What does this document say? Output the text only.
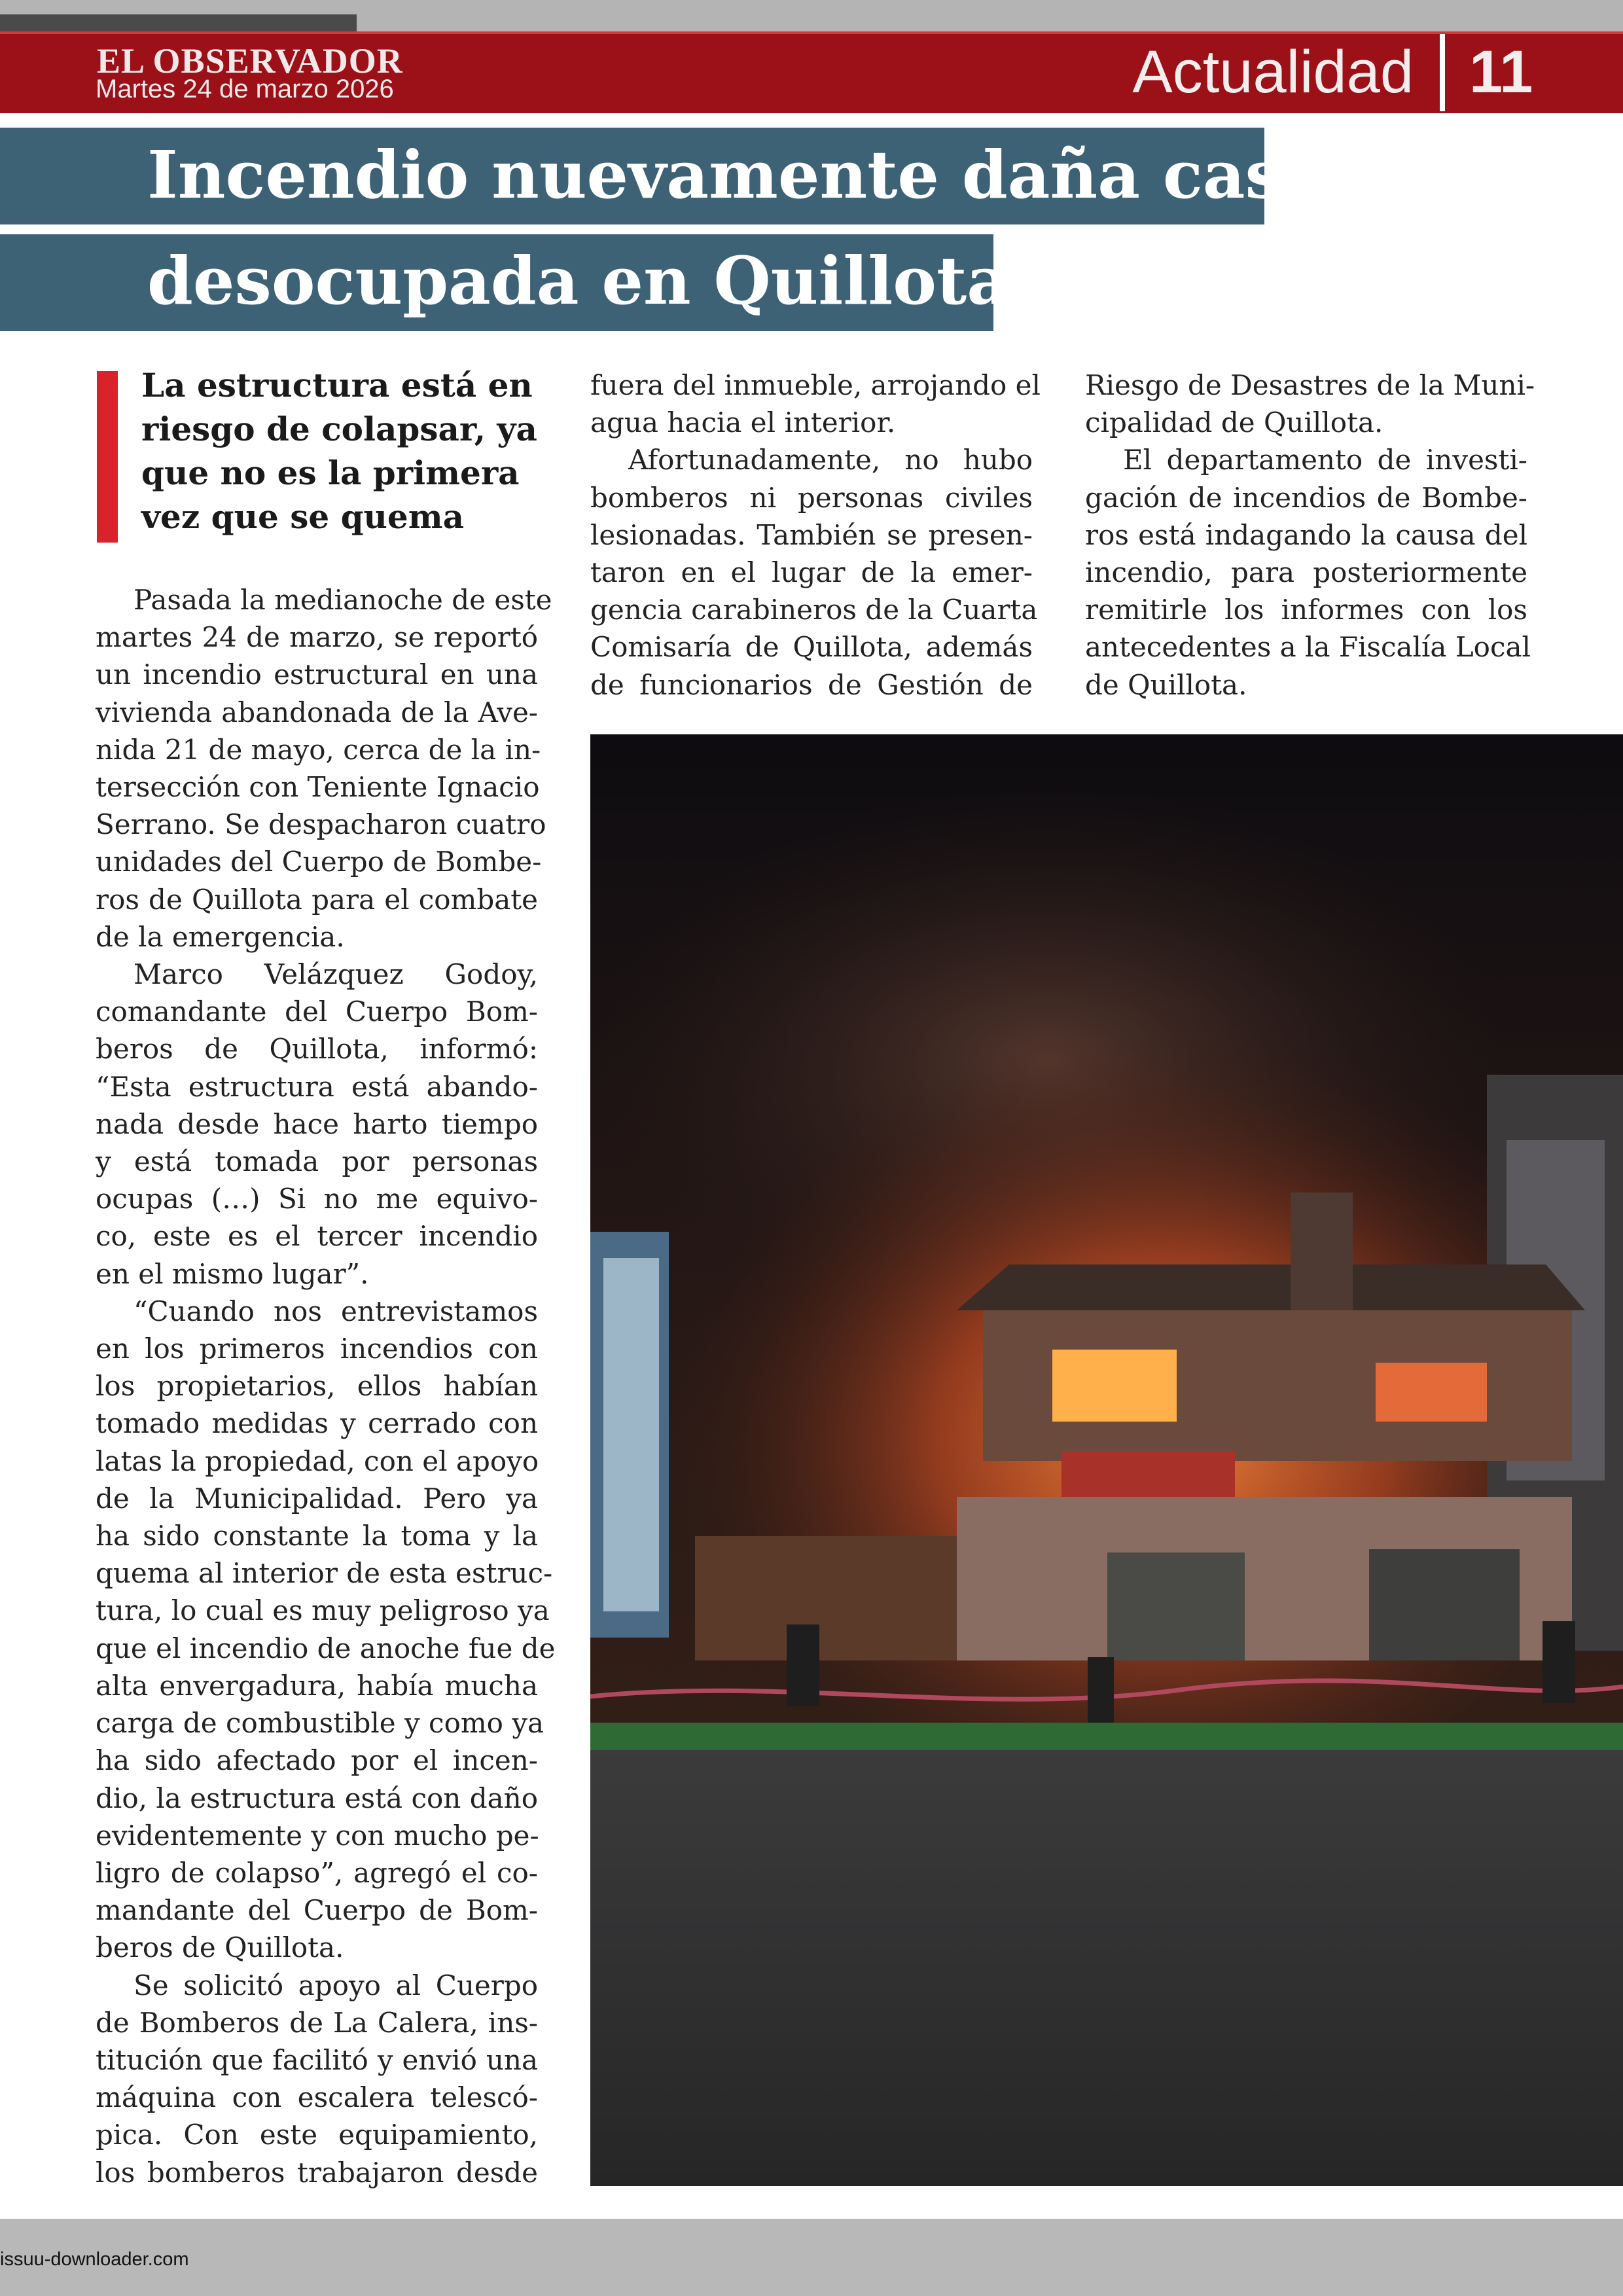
EL OBSERVADOR
Martes 24 de marzo 2026	Actualidad 11
Incendio nuevamente daña casa
desocupada en Quillota
La estructura está en
riesgo de colapsar, ya
que no es la primera
vez que se quema
Pasada la medianoche de este
martes 24 de marzo, se reportó
un incendio estructural en una
vivienda abandonada de la Ave-
nida 21 de mayo, cerca de la in-
tersección con Teniente Ignacio
Serrano. Se despacharon cuatro
unidades del Cuerpo de Bombe-
ros de Quillota para el combate
de la emergencia.
Marco Velázquez Godoy,
comandante del Cuerpo Bom-
beros de Quillota, informó:
“Esta estructura está abando-
nada desde hace harto tiempo
y está tomada por personas
ocupas (…) Si no me equivo-
co, este es el tercer incendio
en el mismo lugar”.
“Cuando nos entrevistamos
en los primeros incendios con
los propietarios, ellos habían
tomado medidas y cerrado con
latas la propiedad, con el apoyo
de la Municipalidad. Pero ya
ha sido constante la toma y la
quema al interior de esta estruc-
tura, lo cual es muy peligroso ya
que el incendio de anoche fue de
alta envergadura, había mucha
carga de combustible y como ya
ha sido afectado por el incen-
dio, la estructura está con daño
evidentemente y con mucho pe-
ligro de colapso”, agregó el co-
mandante del Cuerpo de Bom-
beros de Quillota.
Se solicitó apoyo al Cuerpo
de Bomberos de La Calera, ins-
titución que facilitó y envió una
máquina con escalera telescó-
pica. Con este equipamiento,
los bomberos trabajaron desde
fuera del inmueble, arrojando el
agua hacia el interior.
Afortunadamente, no hubo
bomberos ni personas civiles
lesionadas. También se presen-
taron en el lugar de la emer-
gencia carabineros de la Cuarta
Comisaría de Quillota, además
de funcionarios de Gestión de
Riesgo de Desastres de la Muni-
cipalidad de Quillota.
El departamento de investi-
gación de incendios de Bombe-
ros está indagando la causa del
incendio, para posteriormente
remitirle los informes con los
antecedentes a la Fiscalía Local
de Quillota.
issuu-downloader.com
